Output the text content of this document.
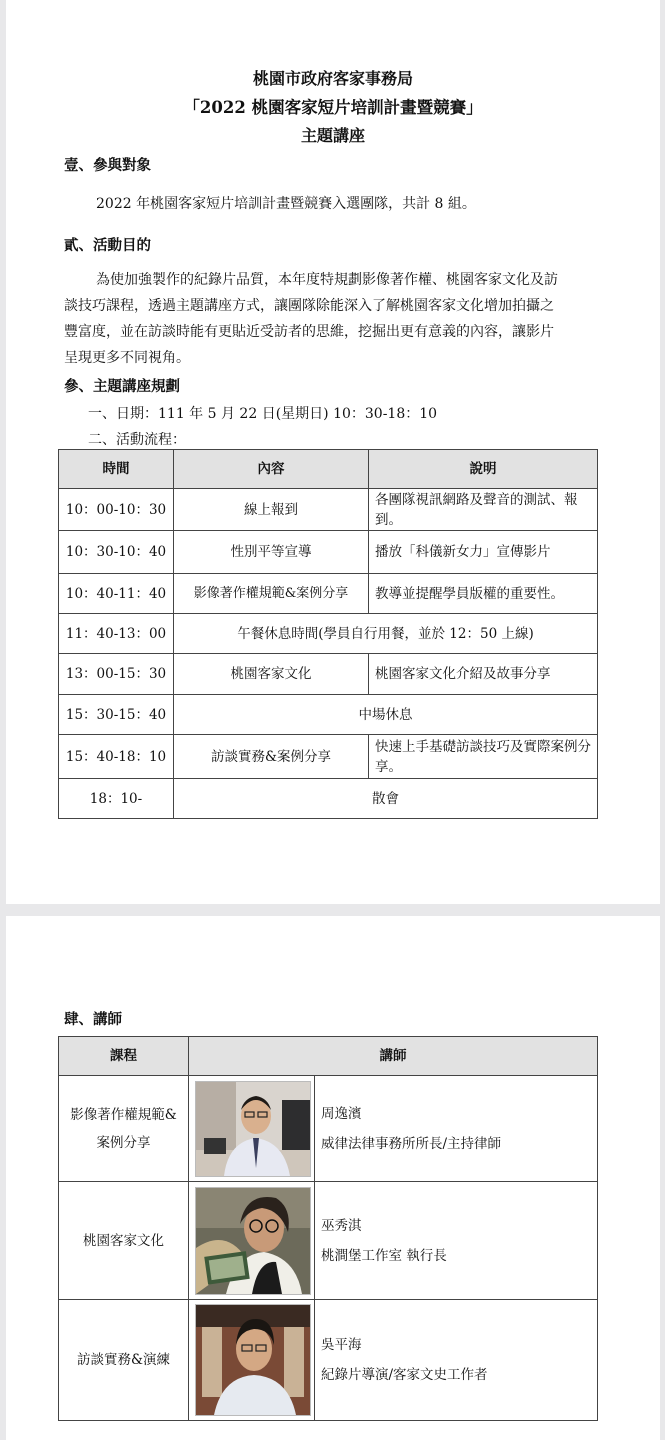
桃園市政府客家事務局
「2022 桃園客家短片培訓計畫暨競賽」
主題講座
壹、參與對象
2022 年桃園客家短片培訓計畫暨競賽入選團隊，共計 8 組。
貳、活動目的
為使加強製作的紀錄片品質，本年度特規劃影像著作權、桃園客家文化及訪
談技巧課程，透過主題講座方式，讓團隊除能深入了解桃園客家文化增加拍攝之
豐富度，並在訪談時能有更貼近受訪者的思維，挖掘出更有意義的內容，讓影片
呈現更多不同視角。
參、主題講座規劃
一、日期：111 年 5 月 22 日(星期日) 10：30-18：10
二、活動流程：
時間	內容	說明
10：00-10：30	線上報到	各團隊視訊網路及聲音的測試、報到。
10：30-10：40	性別平等宣導	播放「科儀新女力」宣傳影片
10：40-11：40	影像著作權規範&案例分享	教導並提醒學員版權的重要性。
11：40-13：00	午餐休息時間(學員自行用餐，並於 12：50 上線)	
13：00-15：30	桃園客家文化	桃園客家文化介紹及故事分享
15：30-15：40	中場休息	
15：40-18：10	訪談實務&案例分享	快速上手基礎訪談技巧及實際案例分享。
18：10-	散會	
肆、講師
課程	講師	
影像著作權規範&案例分享		周逸濱
威律法律事務所所長/主持律師

桃園客家文化		巫秀淇
桃澗堡工作室 執行長

訪談實務&演練		吳平海
紀錄片導演/客家文史工作者
